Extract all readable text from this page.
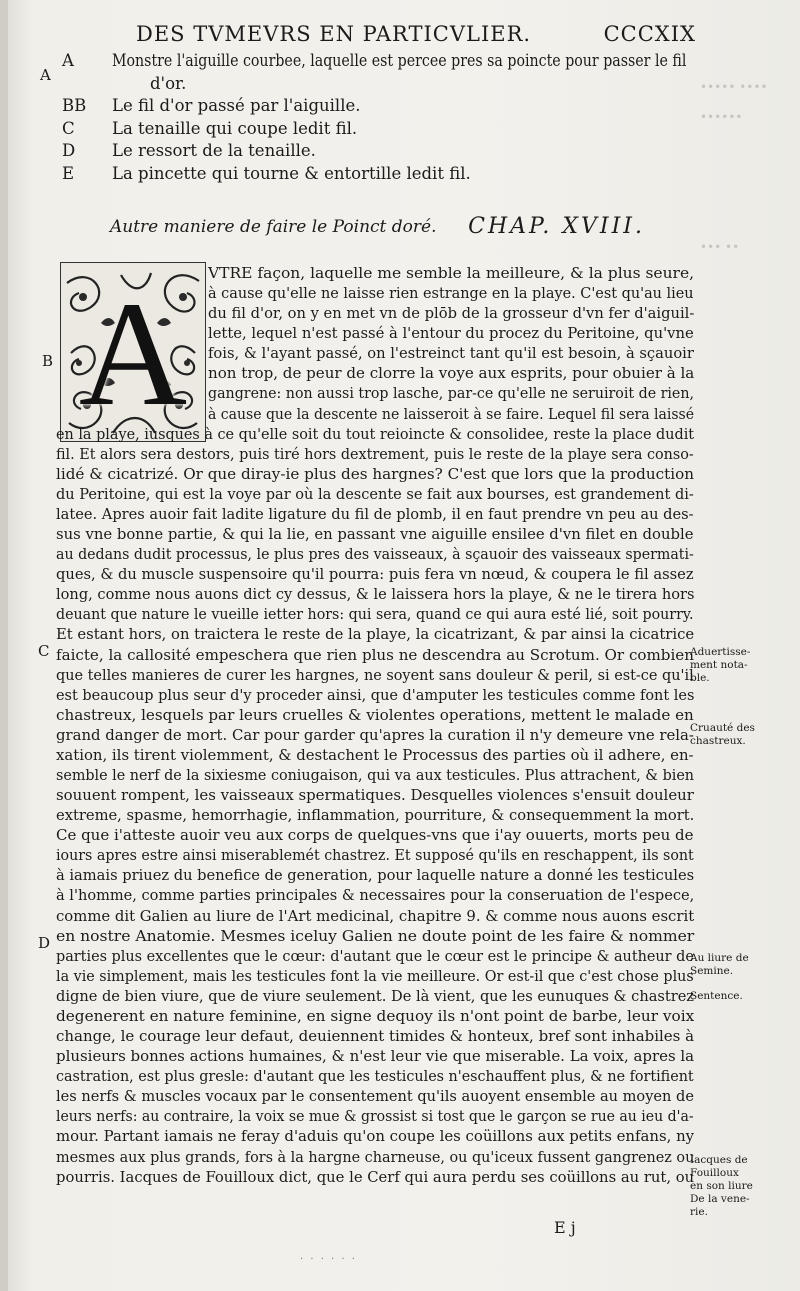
••••• ••••
••••••
••• ••
DES TVMEVRS EN PARTICVLIER.	CCCXIX
A
A	Monstre l'aiguille courbee, laquelle est percee pres sa poincte pour passer le fil
d'or.
BB	Le fil d'or passé par l'aiguille.
C	La tenaille qui coupe ledit fil.
D	Le ressort de la tenaille.
E	La pincette qui tourne & entortille ledit fil.
Autre maniere de faire le Poinct doré. CHAP. XVIII.
B
C
D
A	VTRE façon, laquelle me semble la meilleure, & la plus seure,
à cause qu'elle ne laisse rien estrange en la playe. C'est qu'au lieu
du fil d'or, on y en met vn de plōb de la grosseur d'vn fer d'aiguil-
lette, lequel n'est passé à l'entour du procez du Peritoine, qu'vne
fois, & l'ayant passé, on l'estreinct tant qu'il est besoin, à sçauoir
non trop, de peur de clorre la voye aux esprits, pour obuier à la
gangrene: non aussi trop lasche, par-ce qu'elle ne seruiroit de rien,
à cause que la descente ne laisseroit à se faire. Lequel fil sera laissé
en la playe, iusques à ce qu'elle soit du tout reioincte & consolidee, reste la place dudit
fil. Et alors sera destors, puis tiré hors dextrement, puis le reste de la playe sera conso-
lidé & cicatrizé. Or que diray-ie plus des hargnes? C'est que lors que la production
du Peritoine, qui est la voye par où la descente se fait aux bourses, est grandement di-
latee. Apres auoir fait ladite ligature du fil de plomb, il en faut prendre vn peu au des-
sus vne bonne partie, & qui la lie, en passant vne aiguille ensilee d'vn filet en double
au dedans dudit processus, le plus pres des vaisseaux, à sçauoir des vaisseaux spermati-
ques, & du muscle suspensoire qu'il pourra: puis fera vn nœud, & coupera le fil assez
long, comme nous auons dict cy dessus, & le laissera hors la playe, & ne le tirera hors
deuant que nature le vueille ietter hors: qui sera, quand ce qui aura esté lié, soit pourry.
Et estant hors, on traictera le reste de la playe, la cicatrizant, & par ainsi la cicatrice
faicte, la callosité empeschera que rien plus ne descendra au Scrotum. Or combien
que telles manieres de curer les hargnes, ne soyent sans douleur & peril, si est-ce qu'il
est beaucoup plus seur d'y proceder ainsi, que d'amputer les testicules comme font les
chastreux, lesquels par leurs cruelles & violentes operations, mettent le malade en
grand danger de mort. Car pour garder qu'apres la curation il n'y demeure vne rela-
xation, ils tirent violemment, & destachent le Processus des parties où il adhere, en-
semble le nerf de la sixiesme coniugaison, qui va aux testicules. Plus attrachent, & bien
souuent rompent, les vaisseaux spermatiques. Desquelles violences s'ensuit douleur
extreme, spasme, hemorrhagie, inflammation, pourriture, & consequemment la mort.
Ce que i'atteste auoir veu aux corps de quelques-vns que i'ay ouuerts, morts peu de
iours apres estre ainsi miserablemét chastrez. Et supposé qu'ils en reschappent, ils sont
à iamais priuez du benefice de generation, pour laquelle nature a donné les testicules
à l'homme, comme parties principales & necessaires pour la conseruation de l'espece,
comme dit Galien au liure de l'Art medicinal, chapitre 9. & comme nous auons escrit
en nostre Anatomie. Mesmes iceluy Galien ne doute point de les faire & nommer
parties plus excellentes que le cœur: d'autant que le cœur est le principe & autheur de
la vie simplement, mais les testicules font la vie meilleure. Or est-il que c'est chose plus
digne de bien viure, que de viure seulement. De là vient, que les eunuques & chastrez
degenerent en nature feminine, en signe dequoy ils n'ont point de barbe, leur voix
change, le courage leur defaut, deuiennent timides & honteux, bref sont inhabiles à
plusieurs bonnes actions humaines, & n'est leur vie que miserable. La voix, apres la
castration, est plus gresle: d'autant que les testicules n'eschauffent plus, & ne fortifient
les nerfs & muscles vocaux par le consentement qu'ils auoyent ensemble au moyen de
leurs nerfs: au contraire, la voix se mue & grossist si tost que le garçon se rue au ieu d'a-
mour. Partant iamais ne feray d'aduis qu'on coupe les coüillons aux petits enfans, ny
mesmes aux plus grands, fors à la hargne charneuse, ou qu'iceux fussent gangrenez ou
pourris. Iacques de Fouilloux dict, que le Cerf qui aura perdu ses coüillons au rut, ou
Aduertisse-
ment nota-
ble.
Cruauté des
chastreux.
Au liure de
Semine.
Sentence.
Iacques de
Fouilloux
en son liure
De la vene-
rie.
E j
· · · · · ·
